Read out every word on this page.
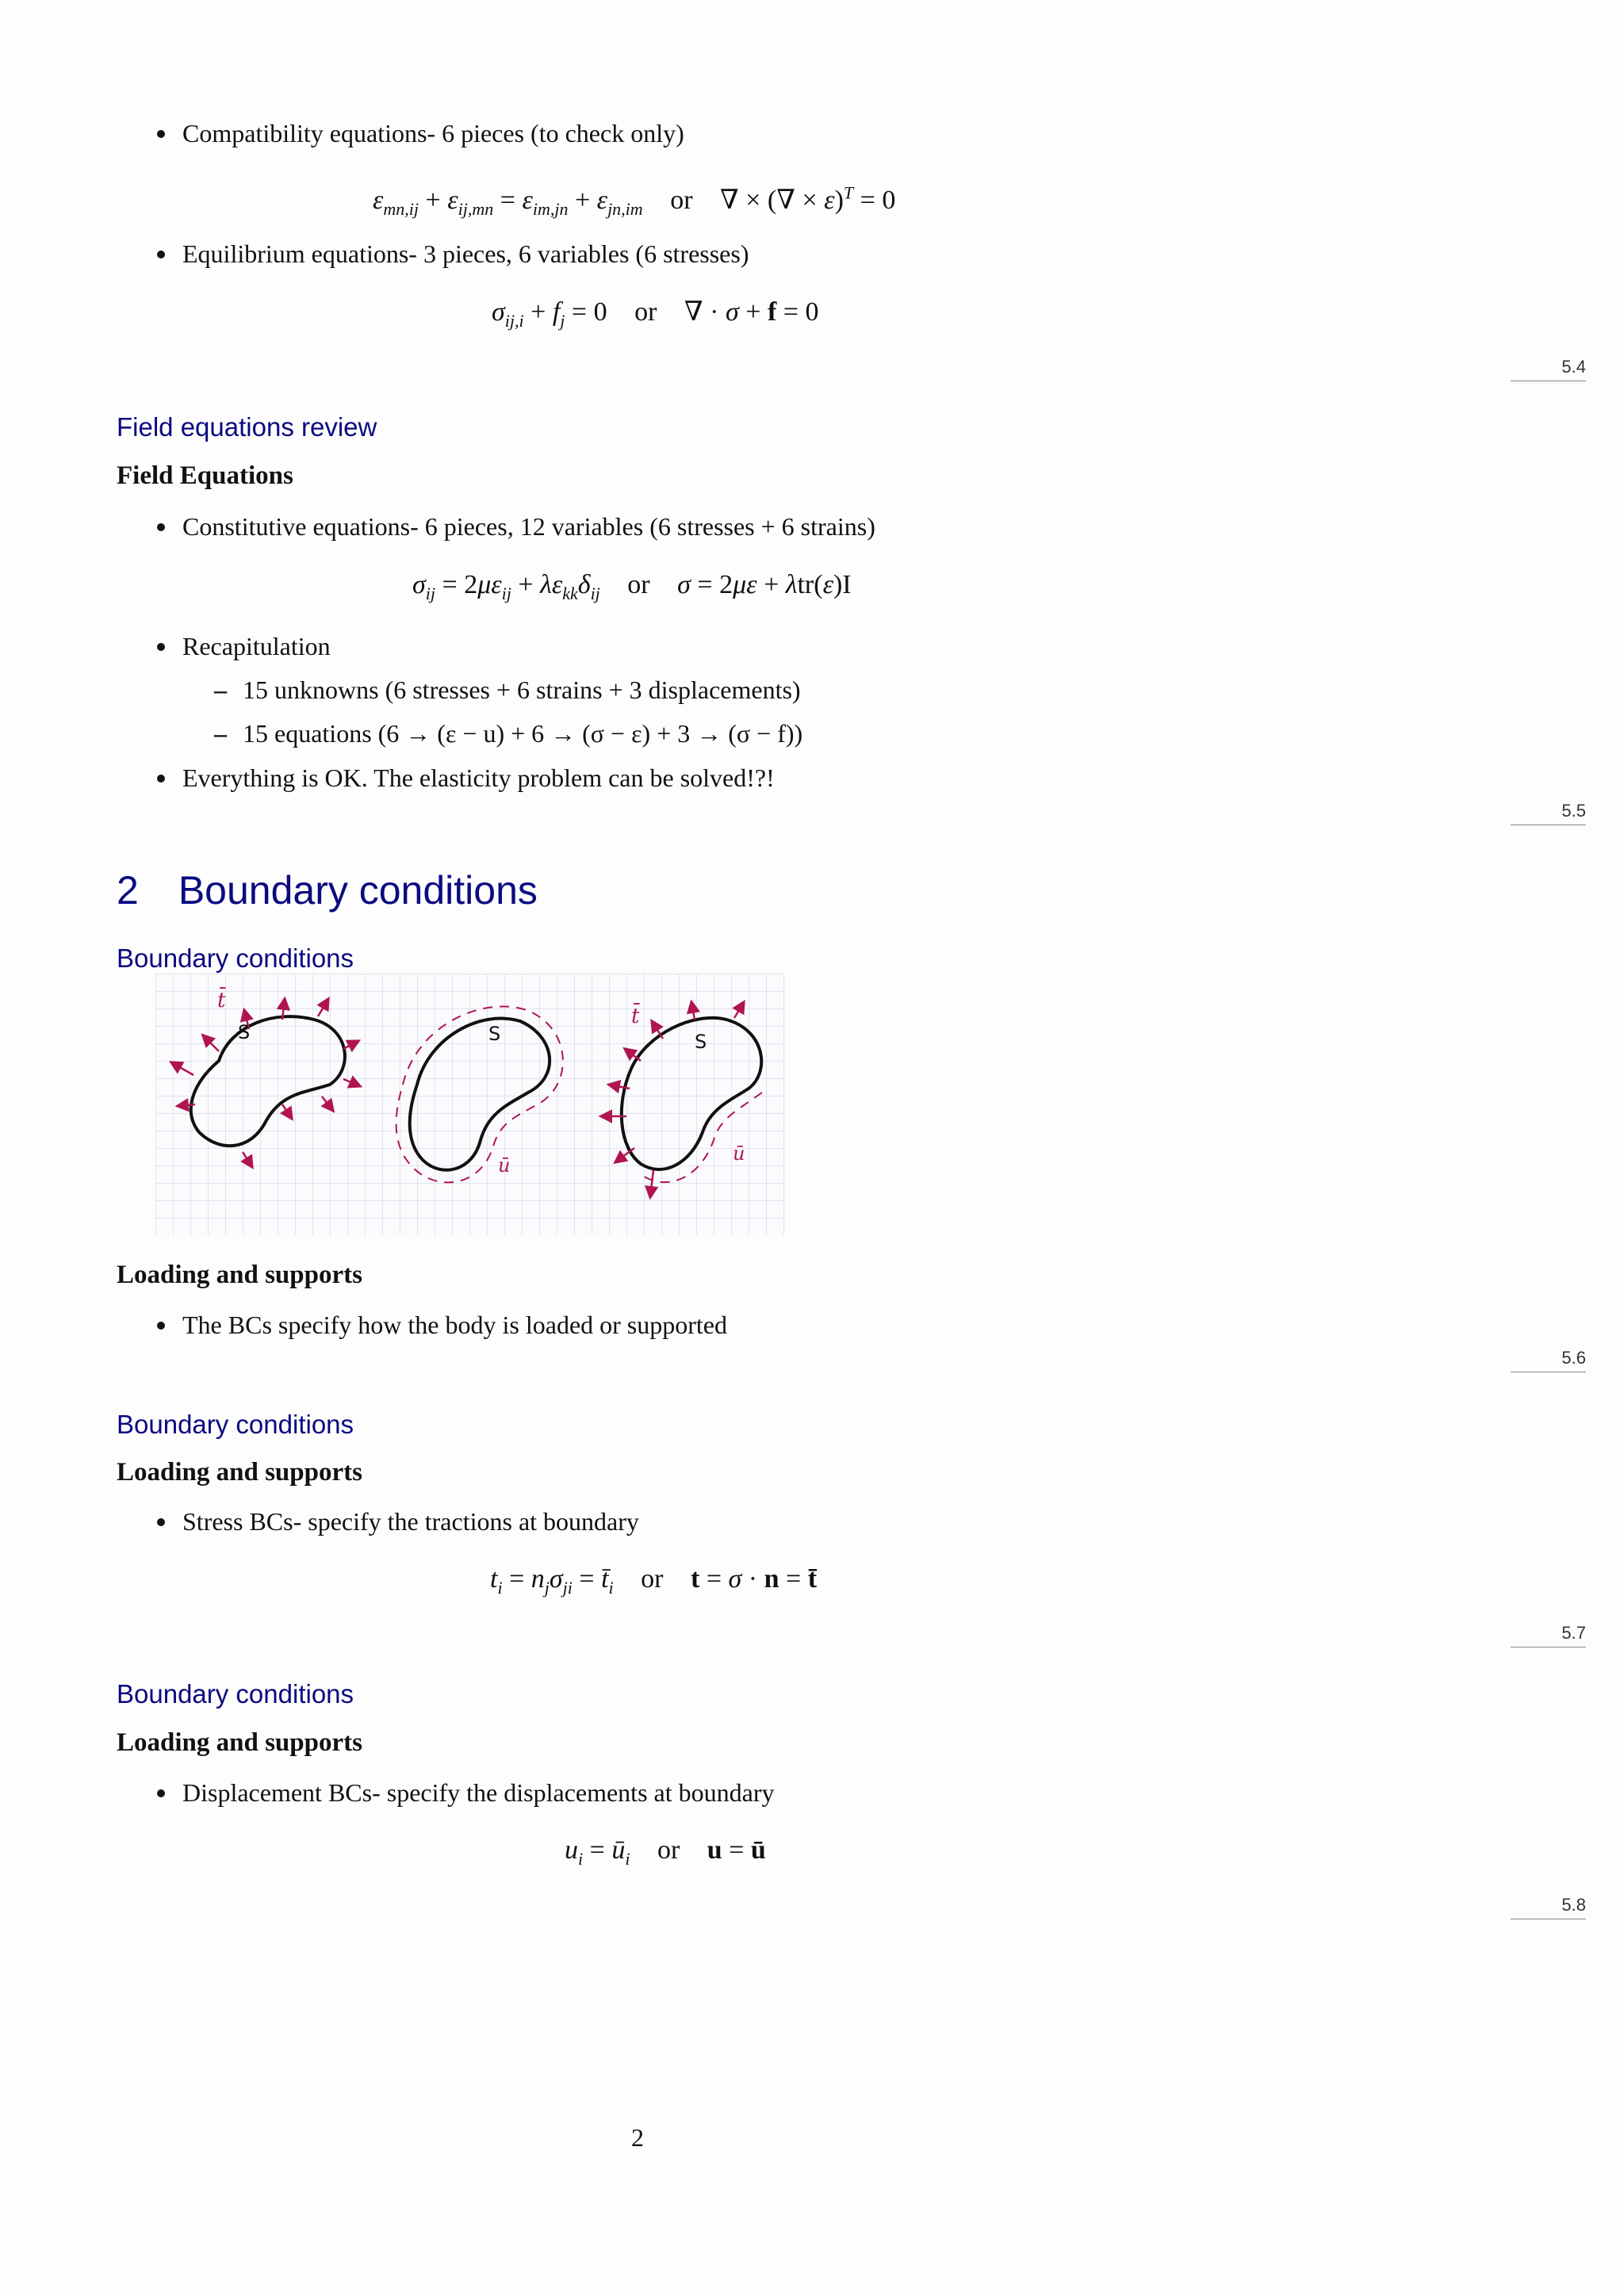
Compatibility equations- 6 pieces (to check only)
$\varepsilon_{mn,ij} + \varepsilon_{ij,mn} = \varepsilon_{im,jn} + \varepsilon_{jn,im}$ or ∇ × (∇ × ε)$^T$ = 0
Equilibrium equations- 3 pieces, 6 variables (6 stresses)
$\sigma_{ij,i} + f_j = 0$ or ∇ · σ + f = 0
5.4
Field equations review
Field Equations
Constitutive equations- 6 pieces, 12 variables (6 stresses + 6 strains)
$\sigma_{ij} = 2\mu\varepsilon_{ij} + \lambda\varepsilon_{kk}\delta_{ij}$ or σ = 2με + λtr(ε)I
Recapitulation
– 15 unknowns (6 stresses + 6 strains + 3 displacements)
– 15 equations (6 → (ε − u) + 6 → (σ − ε) + 3 → (σ − f))
Everything is OK. The elasticity problem can be solved!?!
5.5
2 Boundary conditions
Boundary conditions
t̄
S	S
ū
t̄
S
ū
Loading and supports
The BCs specify how the body is loaded or supported
5.6
Boundary conditions
Loading and supports
Stress BCs- specify the tractions at boundary
$t_i = n_j\sigma_{ji}$ = $t̄_i$ or t = σ · n = t̄
5.7
Boundary conditions
Loading and supports
Displacement BCs- specify the displacements at boundary
$u_i$ = $ū_i$ or u = ū
5.8
2
